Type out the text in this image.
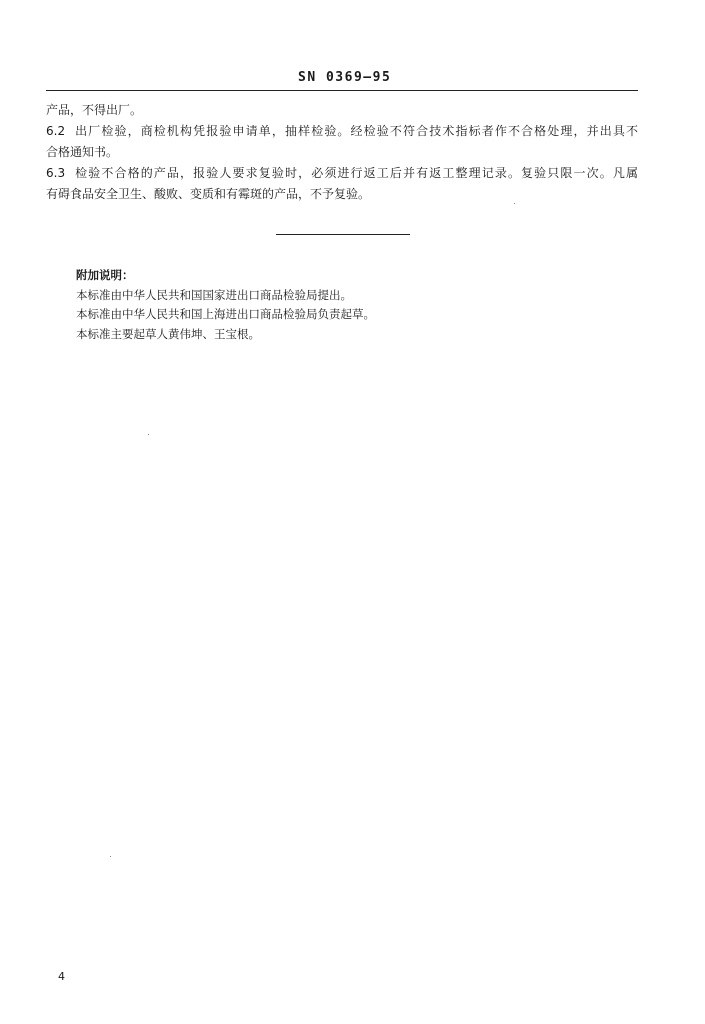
SN 0369—95
产品，不得出厂。
6.2 出厂检验，商检机构凭报验申请单，抽样检验。经检验不符合技术指标者作不合格处理，并出具不
合格通知书。
6.3 检验不合格的产品，报验人要求复验时，必须进行返工后并有返工整理记录。复验只限一次。凡属
有碍食品安全卫生、酸败、变质和有霉斑的产品，不予复验。
附加说明：
本标准由中华人民共和国国家进出口商品检验局提出。
本标准由中华人民共和国上海进出口商品检验局负责起草。
本标准主要起草人黄伟坤、王宝根。
4
